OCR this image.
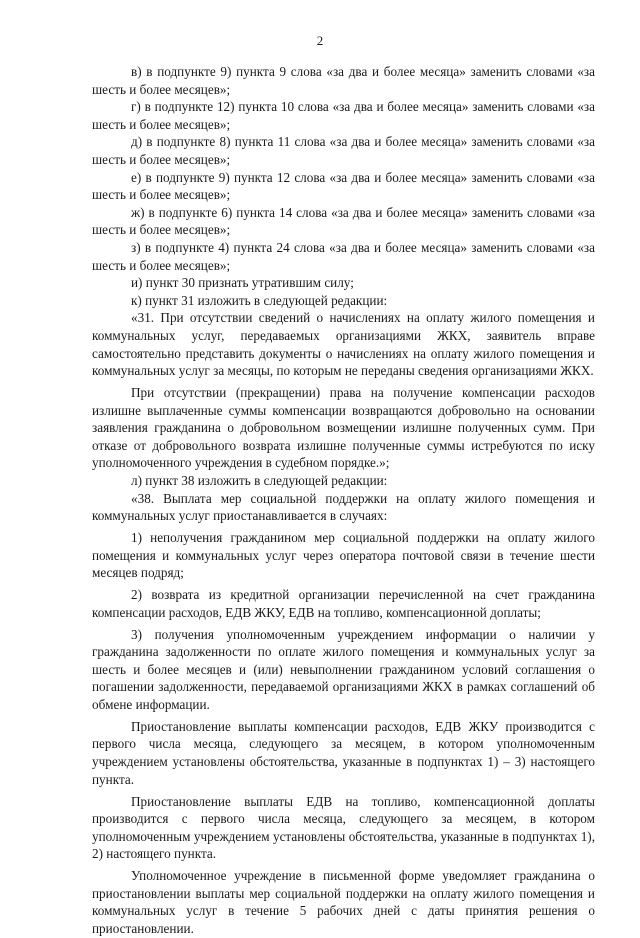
2

в) в подпункте 9) пункта 9 слова «за два и более месяца» заменить словами «за шесть и более месяцев»;

г) в подпункте 12) пункта 10 слова «за два и более месяца» заменить словами «за шесть и более месяцев»;

д) в подпункте 8) пункта 11 слова «за два и более месяца» заменить словами «за шесть и более месяцев»;

е) в подпункте 9) пункта 12 слова «за два и более месяца» заменить словами «за шесть и более месяцев»;

ж) в подпункте 6) пункта 14 слова «за два и более месяца» заменить словами «за шесть и более месяцев»;

з) в подпункте 4) пункта 24 слова «за два и более месяца» заменить словами «за шесть и более месяцев»;

и) пункт 30 признать утратившим силу;

к) пункт 31 изложить в следующей редакции:

«31. При отсутствии сведений о начислениях на оплату жилого помещения и коммунальных услуг, передаваемых организациями ЖКХ, заявитель вправе самостоятельно представить документы о начислениях на оплату жилого помещения и коммунальных услуг за месяцы, по которым не переданы сведения организациями ЖКХ.

При отсутствии (прекращении) права на получение компенсации расходов излишне выплаченные суммы компенсации возвращаются добровольно на основании заявления гражданина о добровольном возмещении излишне полученных сумм. При отказе от добровольного возврата излишне полученные суммы истребуются по иску уполномоченного учреждения в судебном порядке.»;

л) пункт 38 изложить в следующей редакции:

«38. Выплата мер социальной поддержки на оплату жилого помещения и коммунальных услуг приостанавливается в случаях:

1) неполучения гражданином мер социальной поддержки на оплату жилого помещения и коммунальных услуг через оператора почтовой связи в течение шести месяцев подряд;

2) возврата из кредитной организации перечисленной на счет гражданина компенсации расходов, ЕДВ ЖКУ, ЕДВ на топливо, компенсационной доплаты;

3) получения уполномоченным учреждением информации о наличии у гражданина задолженности по оплате жилого помещения и коммунальных услуг за шесть и более месяцев и (или) невыполнении гражданином условий соглашения о погашении задолженности, передаваемой организациями ЖКХ в рамках соглашений об обмене информации.

Приостановление выплаты компенсации расходов, ЕДВ ЖКУ производится с первого числа месяца, следующего за месяцем, в котором уполномоченным учреждением установлены обстоятельства, указанные в подпунктах 1) – 3) настоящего пункта.

Приостановление выплаты ЕДВ на топливо, компенсационной доплаты производится с первого числа месяца, следующего за месяцем, в котором уполномоченным учреждением установлены обстоятельства, указанные в подпунктах 1), 2) настоящего пункта.

Уполномоченное учреждение в письменной форме уведомляет гражданина о приостановлении выплаты мер социальной поддержки на оплату жилого помещения и коммунальных услуг в течение 5 рабочих дней с даты принятия решения о приостановлении.
